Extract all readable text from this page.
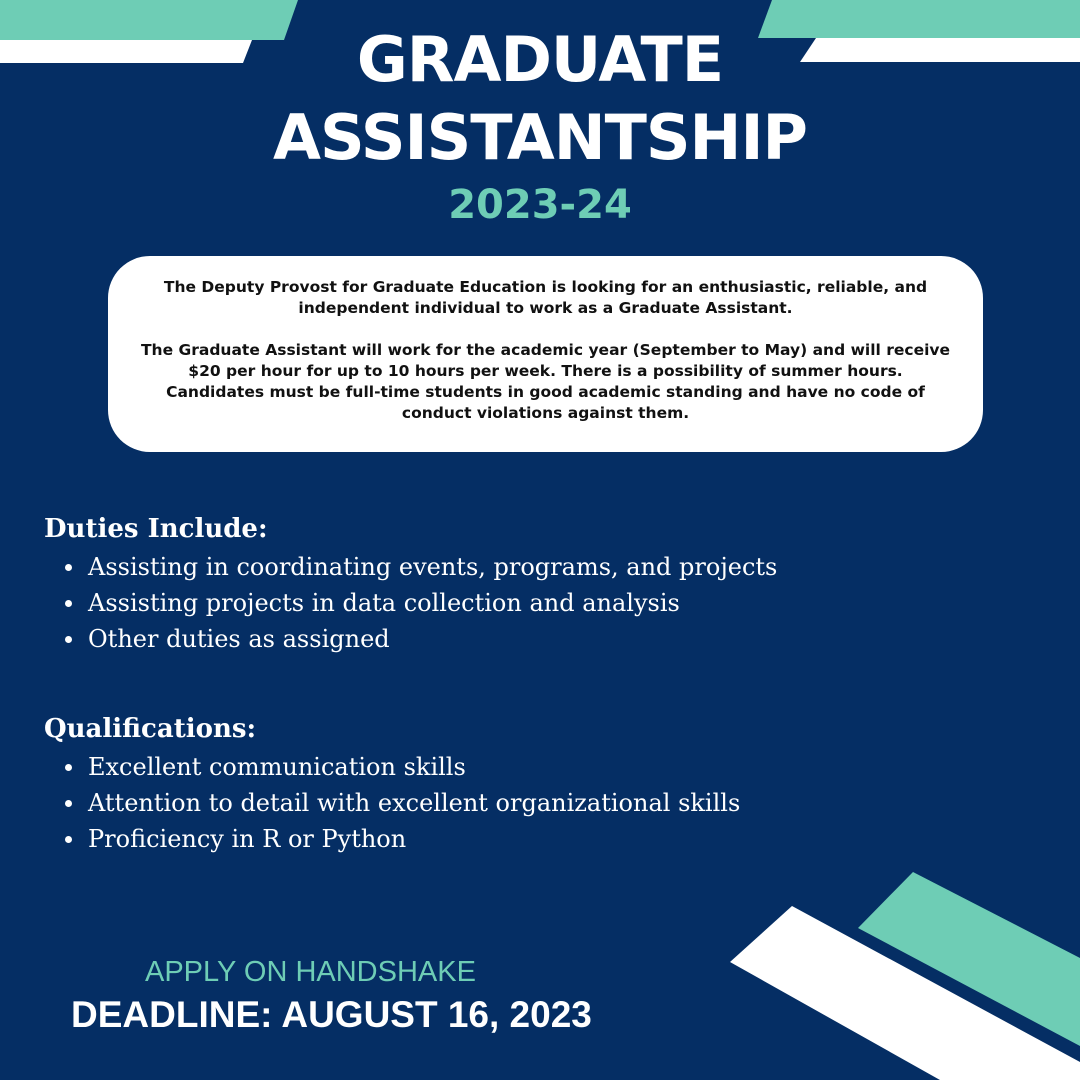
GRADUATE
ASSISTANTSHIP
2023-24

The Deputy Provost for Graduate Education is looking for an enthusiastic, reliable, and independent individual to work as a Graduate Assistant.

The Graduate Assistant will work for the academic year (September to May) and will receive $20 per hour for up to 10 hours per week. There is a possibility of summer hours. Candidates must be full-time students in good academic standing and have no code of conduct violations against them.

Duties Include:
Assisting in coordinating events, programs, and projects
Assisting projects in data collection and analysis
Other duties as assigned
Qualifications:
Excellent communication skills
Attention to detail with excellent organizational skills
Proficiency in R or Python
APPLY ON HANDSHAKE
DEADLINE: AUGUST 16, 2023
